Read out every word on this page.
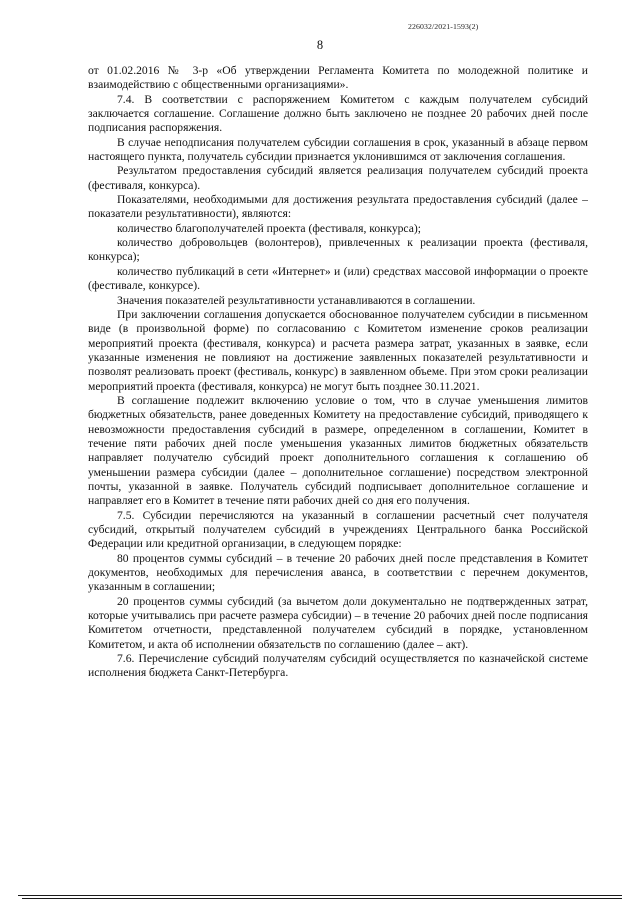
226032/2021-1593(2)
8

от 01.02.2016 № 3-р «Об утверждении Регламента Комитета по молодежной политике и взаимодействию с общественными организациями».

7.4. В соответствии с распоряжением Комитетом с каждым получателем субсидий заключается соглашение. Соглашение должно быть заключено не позднее 20 рабочих дней после подписания распоряжения.

В случае неподписания получателем субсидии соглашения в срок, указанный в абзаце первом настоящего пункта, получатель субсидии признается уклонившимся от заключения соглашения.

Результатом предоставления субсидий является реализация получателем субсидий проекта (фестиваля, конкурса).

Показателями, необходимыми для достижения результата предоставления субсидий (далее – показатели результативности), являются:

количество благополучателей проекта (фестиваля, конкурса);

количество добровольцев (волонтеров), привлеченных к реализации проекта (фестиваля, конкурса);

количество публикаций в сети «Интернет» и (или) средствах массовой информации о проекте (фестивале, конкурсе).

Значения показателей результативности устанавливаются в соглашении.

При заключении соглашения допускается обоснованное получателем субсидии в письменном виде (в произвольной форме) по согласованию с Комитетом изменение сроков реализации мероприятий проекта (фестиваля, конкурса) и расчета размера затрат, указанных в заявке, если указанные изменения не повлияют на достижение заявленных показателей результативности и позволят реализовать проект (фестиваль, конкурс) в заявленном объеме. При этом сроки реализации мероприятий проекта (фестиваля, конкурса) не могут быть позднее 30.11.2021.

В соглашение подлежит включению условие о том, что в случае уменьшения лимитов бюджетных обязательств, ранее доведенных Комитету на предоставление субсидий, приводящего к невозможности предоставления субсидий в размере, определенном в соглашении, Комитет в течение пяти рабочих дней после уменьшения указанных лимитов бюджетных обязательств направляет получателю субсидий проект дополнительного соглашения к соглашению об уменьшении размера субсидии (далее – дополнительное соглашение) посредством электронной почты, указанной в заявке. Получатель субсидий подписывает дополнительное соглашение и направляет его в Комитет в течение пяти рабочих дней со дня его получения.

7.5. Субсидии перечисляются на указанный в соглашении расчетный счет получателя субсидий, открытый получателем субсидий в учреждениях Центрального банка Российской Федерации или кредитной организации, в следующем порядке:

80 процентов суммы субсидий – в течение 20 рабочих дней после представления в Комитет документов, необходимых для перечисления аванса, в соответствии с перечнем документов, указанным в соглашении;

20 процентов суммы субсидий (за вычетом доли документально не подтвержденных затрат, которые учитывались при расчете размера субсидии) – в течение 20 рабочих дней после подписания Комитетом отчетности, представленной получателем субсидий в порядке, установленном Комитетом, и акта об исполнении обязательств по соглашению (далее – акт).

7.6. Перечисление субсидий получателям субсидий осуществляется по казначейской системе исполнения бюджета Санкт-Петербурга.
